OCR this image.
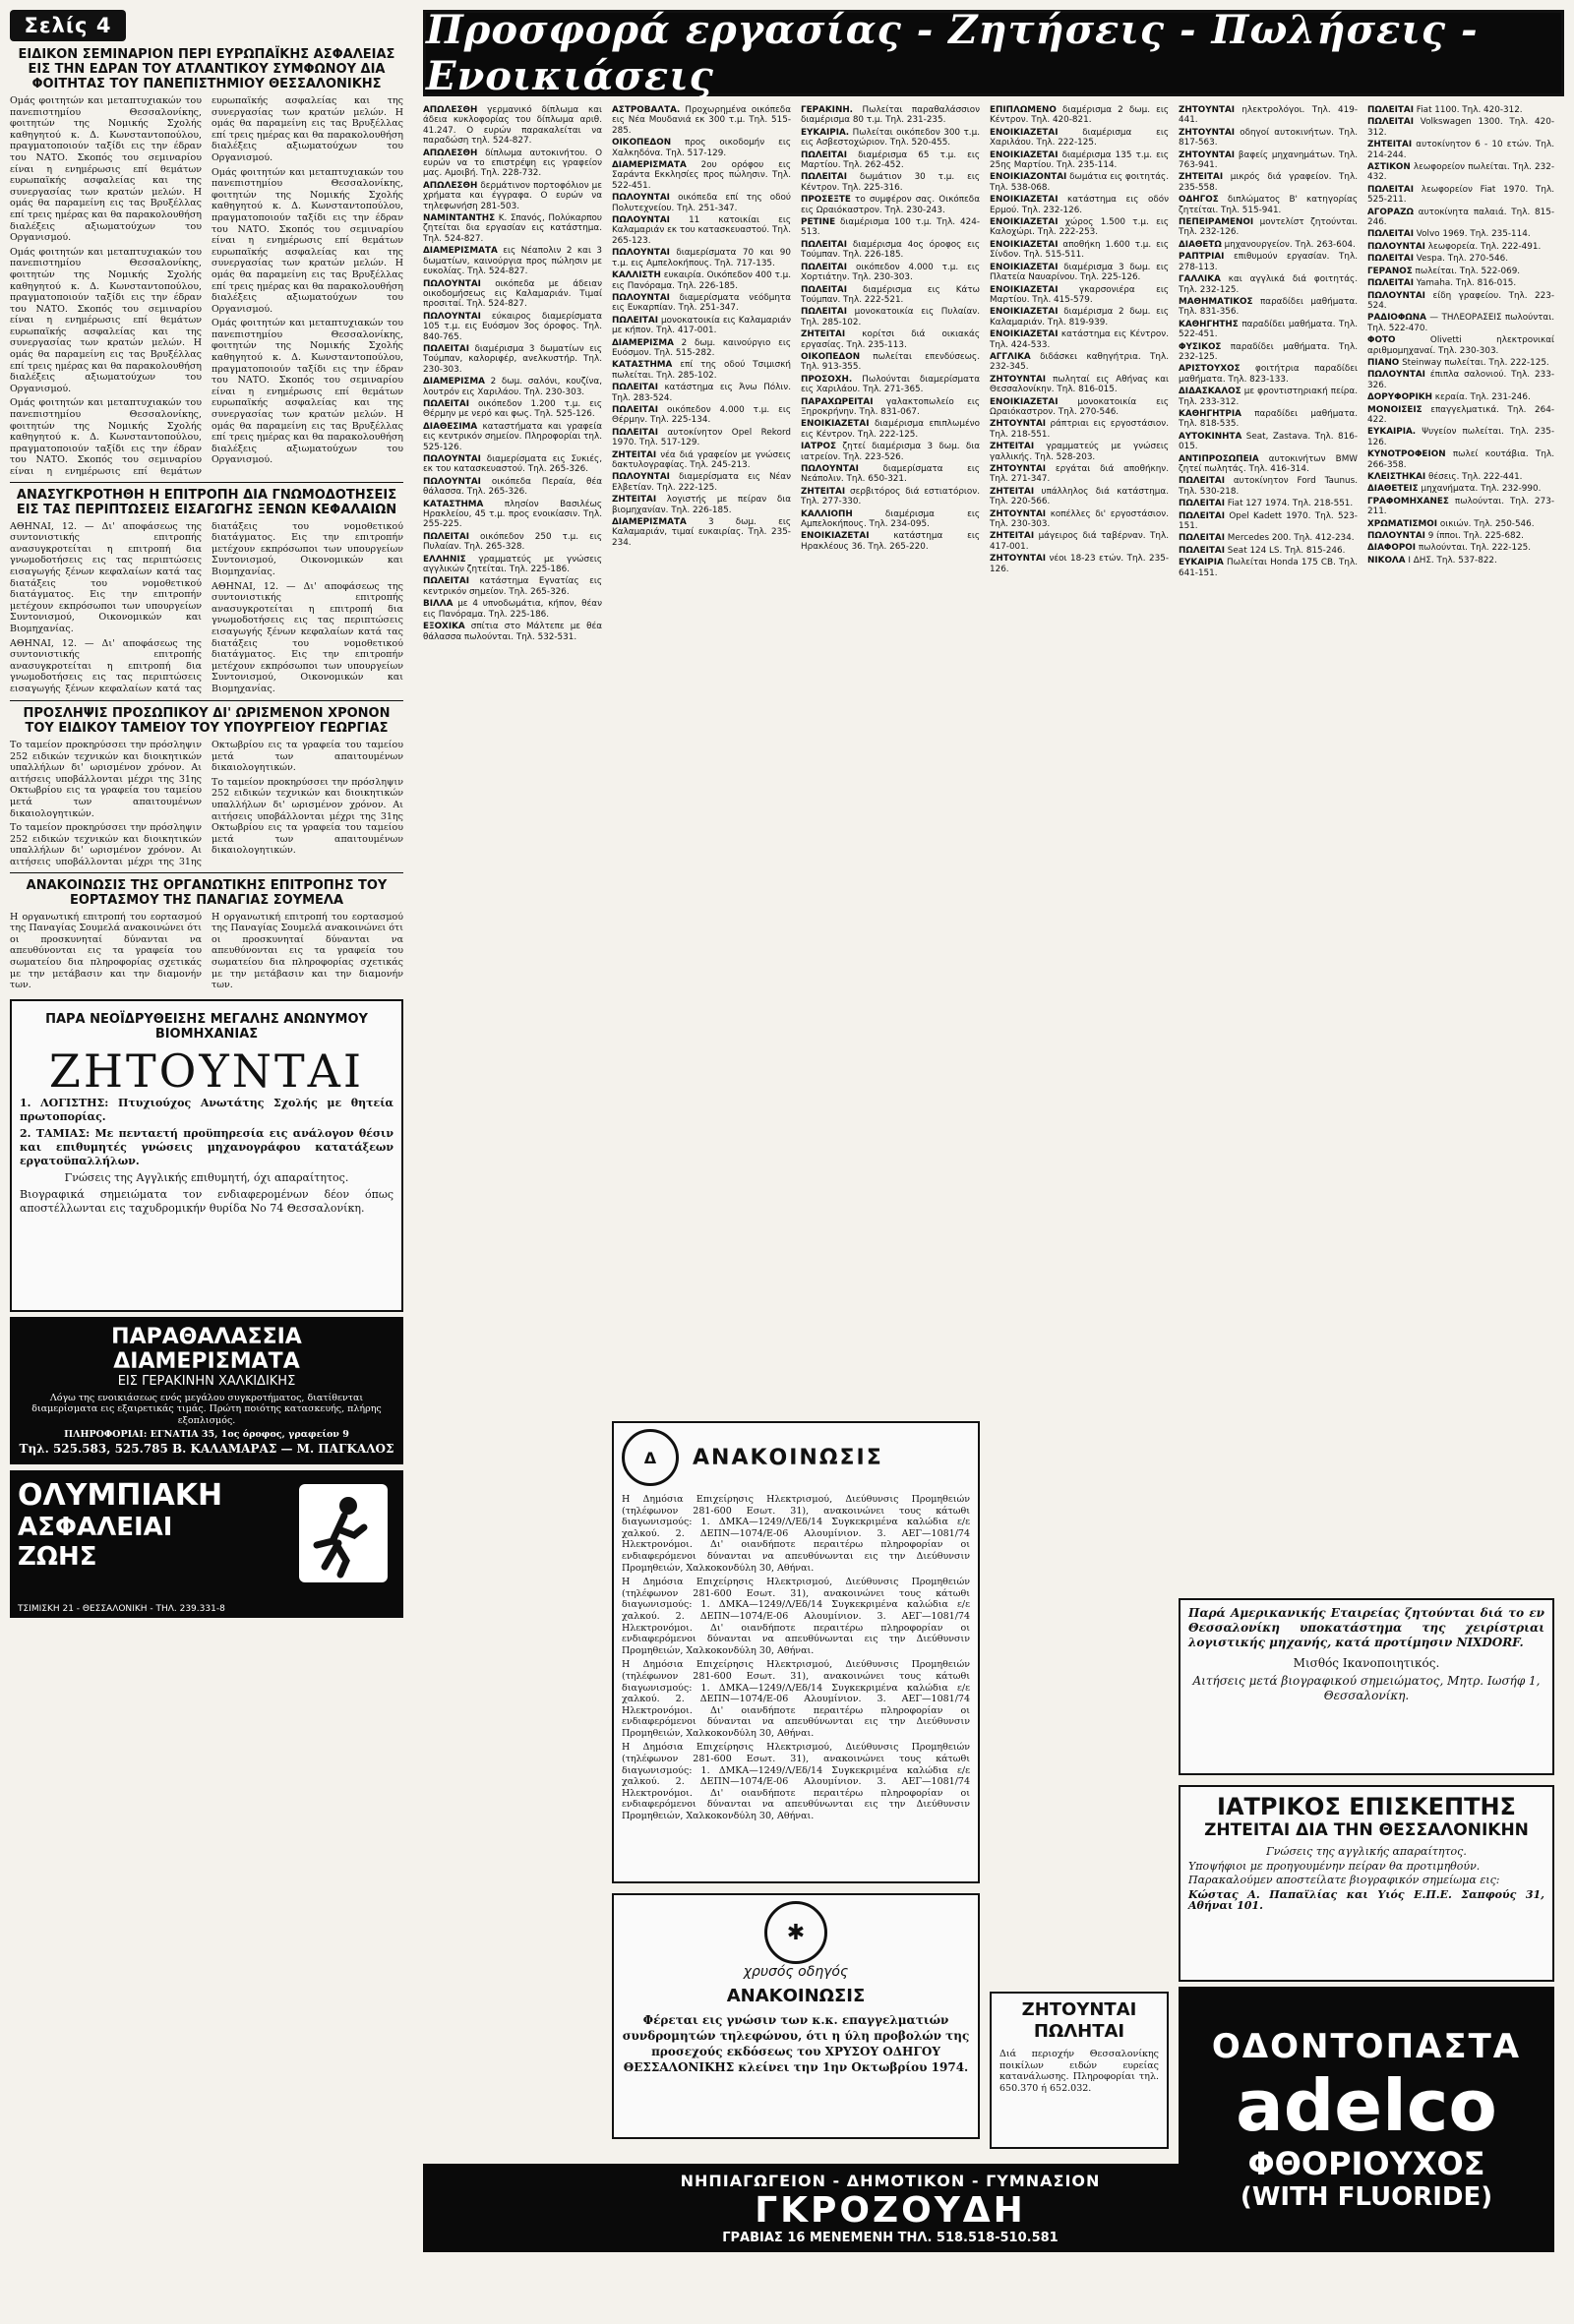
Σελίς 4
ΕΙΔΙΚΟΝ ΣΕΜΙΝΑΡΙΟΝ ΠΕΡΙ ΕΥΡΩΠΑΪΚΗΣ ΑΣΦΑΛΕΙΑΣ ΕΙΣ ΤΗΝ ΕΔΡΑΝ ΤΟΥ ΑΤΛΑΝΤΙΚΟΥ ΣΥΜΦΩΝΟΥ ΔΙΑ ΦΟΙΤΗΤΑΣ ΤΟΥ ΠΑΝΕΠΙΣΤΗΜΙΟΥ ΘΕΣΣΑΛΟΝΙΚΗΣ

Ομάς φοιτητών και μεταπτυχιακών του πανεπιστημίου Θεσσαλονίκης, φοιτητών της Νομικής Σχολής καθηγητού κ. Δ. Κωνσταντοπούλου, πραγματοποιούν ταξίδι εις την έδραν του ΝΑΤΟ. Σκοπός του σεμιναρίου είναι η ενημέρωσις επί θεμάτων ευρωπαϊκής ασφαλείας και της συνεργασίας των κρατών μελών. Η ομάς θα παραμείνη εις τας Βρυξέλλας επί τρεις ημέρας και θα παρακολουθήση διαλέξεις αξιωματούχων του Οργανισμού.

Ομάς φοιτητών και μεταπτυχιακών του πανεπιστημίου Θεσσαλονίκης, φοιτητών της Νομικής Σχολής καθηγητού κ. Δ. Κωνσταντοπούλου, πραγματοποιούν ταξίδι εις την έδραν του ΝΑΤΟ. Σκοπός του σεμιναρίου είναι η ενημέρωσις επί θεμάτων ευρωπαϊκής ασφαλείας και της συνεργασίας των κρατών μελών. Η ομάς θα παραμείνη εις τας Βρυξέλλας επί τρεις ημέρας και θα παρακολουθήση διαλέξεις αξιωματούχων του Οργανισμού.

Ομάς φοιτητών και μεταπτυχιακών του πανεπιστημίου Θεσσαλονίκης, φοιτητών της Νομικής Σχολής καθηγητού κ. Δ. Κωνσταντοπούλου, πραγματοποιούν ταξίδι εις την έδραν του ΝΑΤΟ. Σκοπός του σεμιναρίου είναι η ενημέρωσις επί θεμάτων ευρωπαϊκής ασφαλείας και της συνεργασίας των κρατών μελών. Η ομάς θα παραμείνη εις τας Βρυξέλλας επί τρεις ημέρας και θα παρακολουθήση διαλέξεις αξιωματούχων του Οργανισμού.

Ομάς φοιτητών και μεταπτυχιακών του πανεπιστημίου Θεσσαλονίκης, φοιτητών της Νομικής Σχολής καθηγητού κ. Δ. Κωνσταντοπούλου, πραγματοποιούν ταξίδι εις την έδραν του ΝΑΤΟ. Σκοπός του σεμιναρίου είναι η ενημέρωσις επί θεμάτων ευρωπαϊκής ασφαλείας και της συνεργασίας των κρατών μελών. Η ομάς θα παραμείνη εις τας Βρυξέλλας επί τρεις ημέρας και θα παρακολουθήση διαλέξεις αξιωματούχων του Οργανισμού.

Ομάς φοιτητών και μεταπτυχιακών του πανεπιστημίου Θεσσαλονίκης, φοιτητών της Νομικής Σχολής καθηγητού κ. Δ. Κωνσταντοπούλου, πραγματοποιούν ταξίδι εις την έδραν του ΝΑΤΟ. Σκοπός του σεμιναρίου είναι η ενημέρωσις επί θεμάτων ευρωπαϊκής ασφαλείας και της συνεργασίας των κρατών μελών. Η ομάς θα παραμείνη εις τας Βρυξέλλας επί τρεις ημέρας και θα παρακολουθήση διαλέξεις αξιωματούχων του Οργανισμού.

ΑΝΑΣΥΓΚΡΟΤΗΘΗ Η ΕΠΙΤΡΟΠΗ ΔΙΑ ΓΝΩΜΟΔΟΤΗΣΕΙΣ ΕΙΣ ΤΑΣ ΠΕΡΙΠΤΩΣΕΙΣ ΕΙΣΑΓΩΓΗΣ ΞΕΝΩΝ ΚΕΦΑΛΑΙΩΝ

ΑΘΗΝΑΙ, 12. — Δι' αποφάσεως της συντονιστικής επιτροπής ανασυγκροτείται η επιτροπή δια γνωμοδοτήσεις εις τας περιπτώσεις εισαγωγής ξένων κεφαλαίων κατά τας διατάξεις του νομοθετικού διατάγματος. Εις την επιτροπήν μετέχουν εκπρόσωποι των υπουργείων Συντονισμού, Οικονομικών και Βιομηχανίας.

ΑΘΗΝΑΙ, 12. — Δι' αποφάσεως της συντονιστικής επιτροπής ανασυγκροτείται η επιτροπή δια γνωμοδοτήσεις εις τας περιπτώσεις εισαγωγής ξένων κεφαλαίων κατά τας διατάξεις του νομοθετικού διατάγματος. Εις την επιτροπήν μετέχουν εκπρόσωποι των υπουργείων Συντονισμού, Οικονομικών και Βιομηχανίας.

ΑΘΗΝΑΙ, 12. — Δι' αποφάσεως της συντονιστικής επιτροπής ανασυγκροτείται η επιτροπή δια γνωμοδοτήσεις εις τας περιπτώσεις εισαγωγής ξένων κεφαλαίων κατά τας διατάξεις του νομοθετικού διατάγματος. Εις την επιτροπήν μετέχουν εκπρόσωποι των υπουργείων Συντονισμού, Οικονομικών και Βιομηχανίας.

ΠΡΟΣΛΗΨΙΣ ΠΡΟΣΩΠΙΚΟΥ ΔΙ' ΩΡΙΣΜΕΝΟΝ ΧΡΟΝΟΝ ΤΟΥ ΕΙΔΙΚΟΥ ΤΑΜΕΙΟΥ ΤΟΥ ΥΠΟΥΡΓΕΙΟΥ ΓΕΩΡΓΙΑΣ

Το ταμείον προκηρύσσει την πρόσληψιν 252 ειδικών τεχνικών και διοικητικών υπαλλήλων δι' ωρισμένον χρόνον. Αι αιτήσεις υποβάλλονται μέχρι της 31ης Οκτωβρίου εις τα γραφεία του ταμείου μετά των απαιτουμένων δικαιολογητικών.

Το ταμείον προκηρύσσει την πρόσληψιν 252 ειδικών τεχνικών και διοικητικών υπαλλήλων δι' ωρισμένον χρόνον. Αι αιτήσεις υποβάλλονται μέχρι της 31ης Οκτωβρίου εις τα γραφεία του ταμείου μετά των απαιτουμένων δικαιολογητικών.

Το ταμείον προκηρύσσει την πρόσληψιν 252 ειδικών τεχνικών και διοικητικών υπαλλήλων δι' ωρισμένον χρόνον. Αι αιτήσεις υποβάλλονται μέχρι της 31ης Οκτωβρίου εις τα γραφεία του ταμείου μετά των απαιτουμένων δικαιολογητικών.

ΑΝΑΚΟΙΝΩΣΙΣ ΤΗΣ ΟΡΓΑΝΩΤΙΚΗΣ ΕΠΙΤΡΟΠΗΣ ΤΟΥ ΕΟΡΤΑΣΜΟΥ ΤΗΣ ΠΑΝΑΓΙΑΣ ΣΟΥΜΕΛΑ

Η οργανωτική επιτροπή του εορτασμού της Παναγίας Σουμελά ανακοινώνει ότι οι προσκυνηταί δύνανται να απευθύνονται εις τα γραφεία του σωματείου δια πληροφορίας σχετικάς με την μετάβασιν και την διαμονήν των.

Η οργανωτική επιτροπή του εορτασμού της Παναγίας Σουμελά ανακοινώνει ότι οι προσκυνηταί δύνανται να απευθύνονται εις τα γραφεία του σωματείου δια πληροφορίας σχετικάς με την μετάβασιν και την διαμονήν των.

ΠΑΡΑ ΝΕΟΪΔΡΥΘΕΙΣΗΣ ΜΕΓΑΛΗΣ ΑΝΩΝΥΜΟΥ ΒΙΟΜΗΧΑΝΙΑΣ
ΖΗΤΟΥΝΤΑΙ

1. ΛΟΓΙΣΤΗΣ: Πτυχιούχος Ανωτάτης Σχολής με θητεία πρωτοπορίας.

2. ΤΑΜΙΑΣ: Με πενταετή προϋπηρεσία εις ανάλογον θέσιν και επιθυμητές γνώσεις μηχανογράφου κατατάξεων εργατοϋπαλλήλων.

Γνώσεις της Αγγλικής επιθυμητή, όχι απαραίτητος.

Βιογραφικά σημειώματα τον ενδιαφερομένων δέον όπως αποστέλλωνται εις ταχυδρομικήν θυρίδα Νο 74 Θεσσαλονίκη.

ΠΑΡΑΘΑΛΑΣΣΙΑ ΔΙΑΜΕΡΙΣΜΑΤΑ
ΕΙΣ ΓΕΡΑΚΙΝΗΝ ΧΑΛΚΙΔΙΚΗΣ

Λόγω της ενοικιάσεως ενός μεγάλου συγκροτήματος, διατίθενται διαμερίσματα εις εξαιρετικάς τιμάς. Πρώτη ποιότης κατασκευής, πλήρης εξοπλισμός.

ΠΛΗΡΟΦΟΡΙΑΙ: ΕΓΝΑΤΙΑ 35, 1ος όροφος, γραφείον 9

Τηλ. 525.583, 525.785 Β. ΚΑΛΑΜΑΡΑΣ — Μ. ΠΑΓΚΑΛΟΣ

ΟΛΥΜΠΙΑΚΗ
ΑΣΦΑΛΕΙΑΙ
ΖΩΗΣ
ΤΣΙΜΙΣΚΗ 21 - ΘΕΣΣΑΛΟΝΙΚΗ - ΤΗΛ. 239.331-8
Προσφορά εργασίας - Ζητήσεις - Πωλήσεις - Ενοικιάσεις

ΑΠΩΛΕΣΘΗ γερμανικό δίπλωμα και άδεια κυκλοφορίας του δίπλωμα αριθ. 41.247. Ο ευρών παρακαλείται να παραδώση τηλ. 524-827.

ΑΠΩΛΕΣΘΗ δίπλωμα αυτοκινήτου. Ο ευρών να το επιστρέψη εις γραφείον μας. Αμοιβή. Τηλ. 228-732.

ΑΠΩΛΕΣΘΗ δερμάτινον πορτοφόλιον με χρήματα και έγγραφα. Ο ευρών να τηλεφωνήση 281-503.

ΝΑΜΙΝΤΑΝΤΗΣ Κ. Σπανός, Πολύκαρπου ζητείται δια εργασίαν εις κατάστημα. Τηλ. 524-827.

ΔΙΑΜΕΡΙΣΜΑΤΑ εις Νέαπολιν 2 και 3 δωματίων, καινούργια προς πώλησιν με ευκολίας. Τηλ. 524-827.

ΠΩΛΟΥΝΤΑΙ οικόπεδα με άδειαν οικοδομήσεως εις Καλαμαριάν. Τιμαί προσιταί. Τηλ. 524-827.

ΠΩΛΟΥΝΤΑΙ εύκαιρος διαμερίσματα 105 τ.μ. εις Ευόσμον 3ος όροφος. Τηλ. 840-765.

ΠΩΛΕΙΤΑΙ διαμέρισμα 3 δωματίων εις Τούμπαν, καλοριφέρ, ανελκυστήρ. Τηλ. 230-303.

ΔΙΑΜΕΡΙΣΜΑ 2 δωμ. σαλόνι, κουζίνα, λουτρόν εις Χαριλάου. Τηλ. 230-303.

ΠΩΛΕΙΤΑΙ οικόπεδον 1.200 τ.μ. εις Θέρμην με νερό και φως. Τηλ. 525-126.

ΔΙΑΘΕΣΙΜΑ καταστήματα και γραφεία εις κεντρικόν σημείον. Πληροφορίαι τηλ. 525-126.

ΠΩΛΟΥΝΤΑΙ διαμερίσματα εις Συκιές, εκ του κατασκευαστού. Τηλ. 265-326.

ΠΩΛΟΥΝΤΑΙ οικόπεδα Περαία, θέα θάλασσα. Τηλ. 265-326.

ΚΑΤΑΣΤΗΜΑ πλησίον Βασιλέως Ηρακλείου, 45 τ.μ. προς ενοικίασιν. Τηλ. 255-225.

ΠΩΛΕΙΤΑΙ οικόπεδον 250 τ.μ. εις Πυλαίαν. Τηλ. 265-328.

ΕΛΛΗΝΙΣ γραμματεύς με γνώσεις αγγλικών ζητείται. Τηλ. 225-186.

ΠΩΛΕΙΤΑΙ κατάστημα Εγνατίας εις κεντρικόν σημείον. Τηλ. 265-326.

ΒΙΛΛΑ με 4 υπνοδωμάτια, κήπον, θέαν εις Πανόραμα. Τηλ. 225-186.

ΕΞΟΧΙΚΑ σπίτια στο Μάλτεπε με θέα θάλασσα πωλούνται. Τηλ. 532-531.

ΑΣΤΡΟΒΑΛΤΑ. Προχωρημένα οικόπεδα εις Νέα Μουδανιά εκ 300 τ.μ. Τηλ. 515-285.

ΟΙΚΟΠΕΔΟΝ προς οικοδομήν εις Χαλκηδόνα. Τηλ. 517-129.

ΔΙΑΜΕΡΙΣΜΑΤΑ 2ου ορόφου εις Σαράντα Εκκλησίες προς πώλησιν. Τηλ. 522-451.

ΠΩΛΟΥΝΤΑΙ οικόπεδα επί της οδού Πολυτεχνείου. Τηλ. 251-347.

ΠΩΛΟΥΝΤΑΙ 11 κατοικίαι εις Καλαμαριάν εκ του κατασκευαστού. Τηλ. 265-123.

ΠΩΛΟΥΝΤΑΙ διαμερίσματα 70 και 90 τ.μ. εις Αμπελοκήπους. Τηλ. 717-135.

ΚΑΛΛΙΣΤΗ ευκαιρία. Οικόπεδον 400 τ.μ. εις Πανόραμα. Τηλ. 226-185.

ΠΩΛΟΥΝΤΑΙ διαμερίσματα νεόδμητα εις Ευκαρπίαν. Τηλ. 251-347.

ΠΩΛΕΙΤΑΙ μονοκατοικία εις Καλαμαριάν με κήπον. Τηλ. 417-001.

ΔΙΑΜΕΡΙΣΜΑ 2 δωμ. καινούργιο εις Ευόσμον. Τηλ. 515-282.

ΚΑΤΑΣΤΗΜΑ επί της οδού Τσιμισκή πωλείται. Τηλ. 285-102.

ΠΩΛΕΙΤΑΙ κατάστημα εις Άνω Πόλιν. Τηλ. 283-524.

ΠΩΛΕΙΤΑΙ οικόπεδον 4.000 τ.μ. εις Θέρμην. Τηλ. 225-134.

ΠΩΛΕΙΤΑΙ αυτοκίνητον Opel Rekord 1970. Τηλ. 517-129.

ΖΗΤΕΙΤΑΙ νέα διά γραφείον με γνώσεις δακτυλογραφίας. Τηλ. 245-213.

ΠΩΛΟΥΝΤΑΙ διαμερίσματα εις Νέαν Ελβετίαν. Τηλ. 222-125.

ΖΗΤΕΙΤΑΙ λογιστής με πείραν δια βιομηχανίαν. Τηλ. 226-185.

ΔΙΑΜΕΡΙΣΜΑΤΑ 3 δωμ. εις Καλαμαριάν, τιμαί ευκαιρίας. Τηλ. 235-234.

ΓΕΡΑΚΙΝΗ. Πωλείται παραθαλάσσιον διαμέρισμα 80 τ.μ. Τηλ. 231-235.

ΕΥΚΑΙΡΙΑ. Πωλείται οικόπεδον 300 τ.μ. εις Ασβεστοχώριον. Τηλ. 520-455.

ΠΩΛΕΙΤΑΙ διαμέρισμα 65 τ.μ. εις Μαρτίου. Τηλ. 262-452.

ΠΩΛΕΙΤΑΙ δωμάτιον 30 τ.μ. εις Κέντρον. Τηλ. 225-316.

ΠΡΟΣΕΞΤΕ το συμφέρον σας. Οικόπεδα εις Ωραιόκαστρον. Τηλ. 230-243.

ΡΕΤΙΝΕ διαμέρισμα 100 τ.μ. Τηλ. 424-513.

ΠΩΛΕΙΤΑΙ διαμέρισμα 4ος όροφος εις Τούμπαν. Τηλ. 226-185.

ΠΩΛΕΙΤΑΙ οικόπεδον 4.000 τ.μ. εις Χορτιάτην. Τηλ. 230-303.

ΠΩΛΕΙΤΑΙ διαμέρισμα εις Κάτω Τούμπαν. Τηλ. 222-521.

ΠΩΛΕΙΤΑΙ μονοκατοικία εις Πυλαίαν. Τηλ. 285-102.

ΖΗΤΕΙΤΑΙ κορίτσι διά οικιακάς εργασίας. Τηλ. 235-113.

ΟΙΚΟΠΕΔΟΝ πωλείται επενδύσεως. Τηλ. 913-355.

ΠΡΟΣΟΧΗ. Πωλούνται διαμερίσματα εις Χαριλάου. Τηλ. 271-365.

ΠΑΡΑΧΩΡΕΙΤΑΙ γαλακτοπωλείο εις Ξηροκρήνην. Τηλ. 831-067.

ΕΝΟΙΚΙΑΖΕΤΑΙ διαμέρισμα επιπλωμένο εις Κέντρον. Τηλ. 222-125.

ΙΑΤΡΟΣ ζητεί διαμέρισμα 3 δωμ. δια ιατρείον. Τηλ. 223-526.

ΠΩΛΟΥΝΤΑΙ διαμερίσματα εις Νεάπολιν. Τηλ. 650-321.

ΖΗΤΕΙΤΑΙ σερβιτόρος διά εστιατόριον. Τηλ. 277-330.

ΚΑΛΛΙΟΠΗ διαμέρισμα εις Αμπελοκήπους. Τηλ. 234-095.

ΕΝΟΙΚΙΑΖΕΤΑΙ κατάστημα εις Ηρακλέους 36. Τηλ. 265-220.

ΕΠΙΠΛΩΜΕΝΟ διαμέρισμα 2 δωμ. εις Κέντρον. Τηλ. 420-821.

ΕΝΟΙΚΙΑΖΕΤΑΙ διαμέρισμα εις Χαριλάου. Τηλ. 222-125.

ΕΝΟΙΚΙΑΖΕΤΑΙ διαμέρισμα 135 τ.μ. εις 25ης Μαρτίου. Τηλ. 235-114.

ΕΝΟΙΚΙΑΖΟΝΤΑΙ δωμάτια εις φοιτητάς. Τηλ. 538-068.

ΕΝΟΙΚΙΑΖΕΤΑΙ κατάστημα εις οδόν Ερμού. Τηλ. 232-126.

ΕΝΟΙΚΙΑΖΕΤΑΙ χώρος 1.500 τ.μ. εις Καλοχώρι. Τηλ. 222-253.

ΕΝΟΙΚΙΑΖΕΤΑΙ αποθήκη 1.600 τ.μ. εις Σίνδον. Τηλ. 515-511.

ΕΝΟΙΚΙΑΖΕΤΑΙ διαμέρισμα 3 δωμ. εις Πλατεία Ναυαρίνου. Τηλ. 225-126.

ΕΝΟΙΚΙΑΖΕΤΑΙ γκαρσονιέρα εις Μαρτίου. Τηλ. 415-579.

ΕΝΟΙΚΙΑΖΕΤΑΙ διαμέρισμα 2 δωμ. εις Καλαμαριάν. Τηλ. 819-939.

ΕΝΟΙΚΙΑΖΕΤΑΙ κατάστημα εις Κέντρον. Τηλ. 424-533.

ΑΓΓΛΙΚΑ διδάσκει καθηγήτρια. Τηλ. 232-345.

ΖΗΤΟΥΝΤΑΙ πωληταί εις Αθήνας και Θεσσαλονίκην. Τηλ. 816-015.

ΕΝΟΙΚΙΑΖΕΤΑΙ μονοκατοικία εις Ωραιόκαστρον. Τηλ. 270-546.

ΖΗΤΟΥΝΤΑΙ ράπτριαι εις εργοστάσιον. Τηλ. 218-551.

ΖΗΤΕΙΤΑΙ γραμματεύς με γνώσεις γαλλικής. Τηλ. 528-203.

ΖΗΤΟΥΝΤΑΙ εργάται διά αποθήκην. Τηλ. 271-347.

ΖΗΤΕΙΤΑΙ υπάλληλος διά κατάστημα. Τηλ. 220-566.

ΖΗΤΟΥΝΤΑΙ κοπέλλες δι' εργοστάσιον. Τηλ. 230-303.

ΖΗΤΕΙΤΑΙ μάγειρος διά ταβέρναν. Τηλ. 417-001.

ΖΗΤΟΥΝΤΑΙ νέοι 18-23 ετών. Τηλ. 235-126.

ΖΗΤΟΥΝΤΑΙ ηλεκτρολόγοι. Τηλ. 419-441.

ΖΗΤΟΥΝΤΑΙ οδηγοί αυτοκινήτων. Τηλ. 817-563.

ΖΗΤΟΥΝΤΑΙ βαφείς μηχανημάτων. Τηλ. 763-941.

ΖΗΤΕΙΤΑΙ μικρός διά γραφείον. Τηλ. 235-558.

ΟΔΗΓΟΣ διπλώματος Β' κατηγορίας ζητείται. Τηλ. 515-941.

ΠΕΠΕΙΡΑΜΕΝΟΙ μοντελίστ ζητούνται. Τηλ. 232-126.

ΔΙΑΘΕΤΩ μηχανουργείον. Τηλ. 263-604.

ΡΑΠΤΡΙΑΙ επιθυμούν εργασίαν. Τηλ. 278-113.

ΓΑΛΛΙΚΑ και αγγλικά διά φοιτητάς. Τηλ. 232-125.

ΜΑΘΗΜΑΤΙΚΟΣ παραδίδει μαθήματα. Τηλ. 831-356.

ΚΑΘΗΓΗΤΗΣ παραδίδει μαθήματα. Τηλ. 522-451.

ΦΥΣΙΚΟΣ παραδίδει μαθήματα. Τηλ. 232-125.

ΑΡΙΣΤΟΥΧΟΣ φοιτήτρια παραδίδει μαθήματα. Τηλ. 823-133.

ΔΙΔΑΣΚΑΛΟΣ με φροντιστηριακή πείρα. Τηλ. 233-312.

ΚΑΘΗΓΗΤΡΙΑ παραδίδει μαθήματα. Τηλ. 818-535.

ΑΥΤΟΚΙΝΗΤΑ Seat, Zastava. Τηλ. 816-015.

ΑΝΤΙΠΡΟΣΩΠΕΙΑ αυτοκινήτων BMW ζητεί πωλητάς. Τηλ. 416-314.

ΠΩΛΕΙΤΑΙ αυτοκίνητον Ford Taunus. Τηλ. 530-218.

ΠΩΛΕΙΤΑΙ Fiat 127 1974. Τηλ. 218-551.

ΠΩΛΕΙΤΑΙ Opel Kadett 1970. Τηλ. 523-151.

ΠΩΛΕΙΤΑΙ Mercedes 200. Τηλ. 412-234.

ΠΩΛΕΙΤΑΙ Seat 124 LS. Τηλ. 815-246.

ΕΥΚΑΙΡΙΑ Πωλείται Honda 175 CB. Τηλ. 641-151.

ΠΩΛΕΙΤΑΙ Fiat 1100. Τηλ. 420-312.

ΠΩΛΕΙΤΑΙ Volkswagen 1300. Τηλ. 420-312.

ΖΗΤΕΙΤΑΙ αυτοκίνητον 6 - 10 ετών. Τηλ. 214-244.

ΑΣΤΙΚΟΝ λεωφορείον πωλείται. Τηλ. 232-432.

ΠΩΛΕΙΤΑΙ λεωφορείον Fiat 1970. Τηλ. 525-211.

ΑΓΟΡΑΖΩ αυτοκίνητα παλαιά. Τηλ. 815-246.

ΠΩΛΕΙΤΑΙ Volvo 1969. Τηλ. 235-114.

ΠΩΛΟΥΝΤΑΙ λεωφορεία. Τηλ. 222-491.

ΠΩΛΕΙΤΑΙ Vespa. Τηλ. 270-546.

ΓΕΡΑΝΟΣ πωλείται. Τηλ. 522-069.

ΠΩΛΕΙΤΑΙ Yamaha. Τηλ. 816-015.

ΠΩΛΟΥΝΤΑΙ είδη γραφείου. Τηλ. 223-524.

ΡΑΔΙΟΦΩΝΑ — ΤΗΛΕΟΡΑΣΕΙΣ πωλούνται. Τηλ. 522-470.

ΦΟΤΟ Olivetti ηλεκτρονικαί αριθμομηχαναί. Τηλ. 230-303.

ΠΙΑΝΟ Steinway πωλείται. Τηλ. 222-125.

ΠΩΛΟΥΝΤΑΙ έπιπλα σαλονιού. Τηλ. 233-326.

ΔΟΡΥΦΟΡΙΚΗ κεραία. Τηλ. 231-246.

ΜΟΝΟΙΣΕΙΣ επαγγελματικά. Τηλ. 264-422.

ΕΥΚΑΙΡΙΑ. Ψυγείον πωλείται. Τηλ. 235-126.

ΚΥΝΟΤΡΟΦΕΙΟΝ πωλεί κουτάβια. Τηλ. 266-358.

ΚΛΕΙΣΤΗΚΑΙ θέσεις. Τηλ. 222-441.

ΔΙΑΘΕΤΕΙΣ μηχανήματα. Τηλ. 232-990.

ΓΡΑΦΟΜΗΧΑΝΕΣ πωλούνται. Τηλ. 273-211.

ΧΡΩΜΑΤΙΣΜΟΙ οικιών. Τηλ. 250-546.

ΠΩΛΟΥΝΤΑΙ 9 ίπποι. Τηλ. 225-682.

ΔΙΑΦΟΡΟΙ πωλούνται. Τηλ. 222-125.

ΝΙΚΟΛΑ Ι ΔΗΣ. Τηλ. 537-822.

Δ	ΑΝΑΚΟΙΝΩΣΙΣ

Η Δημόσια Επιχείρησις Ηλεκτρισμού, Διεύθυνσις Προμηθειών (τηλέφωνον 281-600 Εσωτ. 31), ανακοινώνει τους κάτωθι διαγωνισμούς: 1. ΔΜΚΑ—1249/Λ/Εδ/14 Συγκεκριμένα καλώδια ε/ε χαλκού. 2. ΔΕΠΝ—1074/Ε-06 Αλουμίνιον. 3. ΑΕΓ—1081/74 Ηλεκτρονόμοι. Δι' οιανδήποτε περαιτέρω πληροφορίαν οι ενδιαφερόμενοι δύνανται να απευθύνωνται εις την Διεύθυνσιν Προμηθειών, Χαλκοκονδύλη 30, Αθήναι.

Η Δημόσια Επιχείρησις Ηλεκτρισμού, Διεύθυνσις Προμηθειών (τηλέφωνον 281-600 Εσωτ. 31), ανακοινώνει τους κάτωθι διαγωνισμούς: 1. ΔΜΚΑ—1249/Λ/Εδ/14 Συγκεκριμένα καλώδια ε/ε χαλκού. 2. ΔΕΠΝ—1074/Ε-06 Αλουμίνιον. 3. ΑΕΓ—1081/74 Ηλεκτρονόμοι. Δι' οιανδήποτε περαιτέρω πληροφορίαν οι ενδιαφερόμενοι δύνανται να απευθύνωνται εις την Διεύθυνσιν Προμηθειών, Χαλκοκονδύλη 30, Αθήναι.

Η Δημόσια Επιχείρησις Ηλεκτρισμού, Διεύθυνσις Προμηθειών (τηλέφωνον 281-600 Εσωτ. 31), ανακοινώνει τους κάτωθι διαγωνισμούς: 1. ΔΜΚΑ—1249/Λ/Εδ/14 Συγκεκριμένα καλώδια ε/ε χαλκού. 2. ΔΕΠΝ—1074/Ε-06 Αλουμίνιον. 3. ΑΕΓ—1081/74 Ηλεκτρονόμοι. Δι' οιανδήποτε περαιτέρω πληροφορίαν οι ενδιαφερόμενοι δύνανται να απευθύνωνται εις την Διεύθυνσιν Προμηθειών, Χαλκοκονδύλη 30, Αθήναι.

Η Δημόσια Επιχείρησις Ηλεκτρισμού, Διεύθυνσις Προμηθειών (τηλέφωνον 281-600 Εσωτ. 31), ανακοινώνει τους κάτωθι διαγωνισμούς: 1. ΔΜΚΑ—1249/Λ/Εδ/14 Συγκεκριμένα καλώδια ε/ε χαλκού. 2. ΔΕΠΝ—1074/Ε-06 Αλουμίνιον. 3. ΑΕΓ—1081/74 Ηλεκτρονόμοι. Δι' οιανδήποτε περαιτέρω πληροφορίαν οι ενδιαφερόμενοι δύνανται να απευθύνωνται εις την Διεύθυνσιν Προμηθειών, Χαλκοκονδύλη 30, Αθήναι.

✱
χρυσός οδηγός
ΑΝΑΚΟΙΝΩΣΙΣ

Φέρεται εις γνώσιν των κ.κ. επαγγελματιών συνδρομητών τηλεφώνου, ότι η ύλη προβολών της προσεχούς εκδόσεως του ΧΡΥΣΟΥ ΟΔΗΓΟΥ ΘΕΣΣΑΛΟΝΙΚΗΣ κλείνει την 1ην Οκτωβρίου 1974.

ΝΗΠΙΑΓΩΓΕΙΟΝ - ΔΗΜΟΤΙΚΟΝ - ΓΥΜΝΑΣΙΟΝ
ΓΚΡΟΖΟΥΔΗ
ΓΡΑΒΙΑΣ 16 ΜΕΝΕΜΕΝΗ ΤΗΛ. 518.518-510.581
ΖΗΤΟΥΝΤΑΙ ΠΩΛΗΤΑΙ

Διά περιοχήν Θεσσαλονίκης ποικίλων ειδών ευρείας κατανάλωσης. Πληροφορίαι τηλ. 650.370 ή 652.032.

Παρά Αμερικανικής Εταιρείας ζητούνται διά το εν Θεσσαλονίκη υποκατάστημα της χειρίστριαι λογιστικής μηχανής, κατά προτίμησιν NIXDORF.

Μισθός Ικανοποιητικός.

Αιτήσεις μετά βιογραφικού σημειώματος, Μητρ. Ιωσήφ 1, Θεσσαλονίκη.

ΙΑΤΡΙΚΟΣ ΕΠΙΣΚΕΠΤΗΣ
ΖΗΤΕΙΤΑΙ ΔΙΑ ΤΗΝ ΘΕΣΣΑΛΟΝΙΚΗΝ

Γνώσεις της αγγλικής απαραίτητος.

Υποψήφιοι με προηγουμένην πείραν θα προτιμηθούν.

Παρακαλούμεν αποστείλατε βιογραφικόν σημείωμα εις:

Κώστας Α. Παπαϊλίας και Υιός Ε.Π.Ε. Σαπφούς 31, Αθήναι 101.

ΟΔΟΝΤΟΠΑΣΤΑ
adelco
ΦΘΟΡΙΟΥΧΟΣ
(WITH FLUORIDE)
